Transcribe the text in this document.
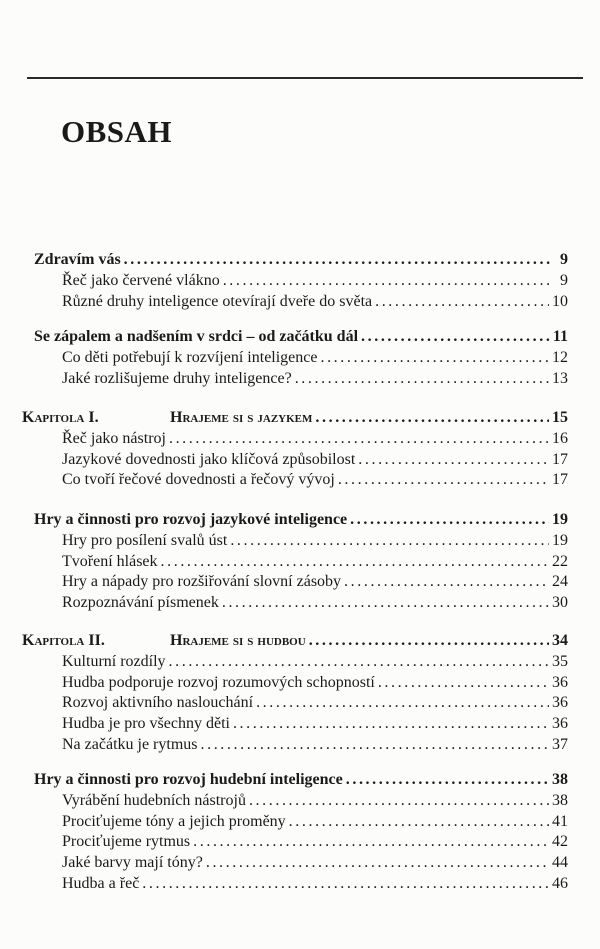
OBSAH
Zdravím vás .....	9
Řeč jako červené vlákno .....	9
Různé druhy inteligence otevírají dveře do světa .....	10
Se zápalem a nadšením v srdci – od začátku dál .....	11
Co děti potřebují k rozvíjení inteligence .....	12
Jaké rozlišujeme druhy inteligence? .....	13
Kapitola I.	Hrajeme si s jazykem .....	15
Řeč jako nástroj .....	16
Jazykové dovednosti jako klíčová způsobilost .....	17
Co tvoří řečové dovednosti a řečový vývoj .....	17
Hry a činnosti pro rozvoj jazykové inteligence .....	19
Hry pro posílení svalů úst .....	19
Tvoření hlásek .....	22
Hry a nápady pro rozšiřování slovní zásoby .....	24
Rozpoznávání písmenek .....	30
Kapitola II.	Hrajeme si s hudbou .....	34
Kulturní rozdíly .....	35
Hudba podporuje rozvoj rozumových schopností .....	36
Rozvoj aktivního naslouchání .....	36
Hudba je pro všechny děti .....	36
Na začátku je rytmus .....	37
Hry a činnosti pro rozvoj hudební inteligence .....	38
Vyrábění hudebních nástrojů .....	38
Prociťujeme tóny a jejich proměny .....	41
Prociťujeme rytmus .....	42
Jaké barvy mají tóny? .....	44
Hudba a řeč .....	46
